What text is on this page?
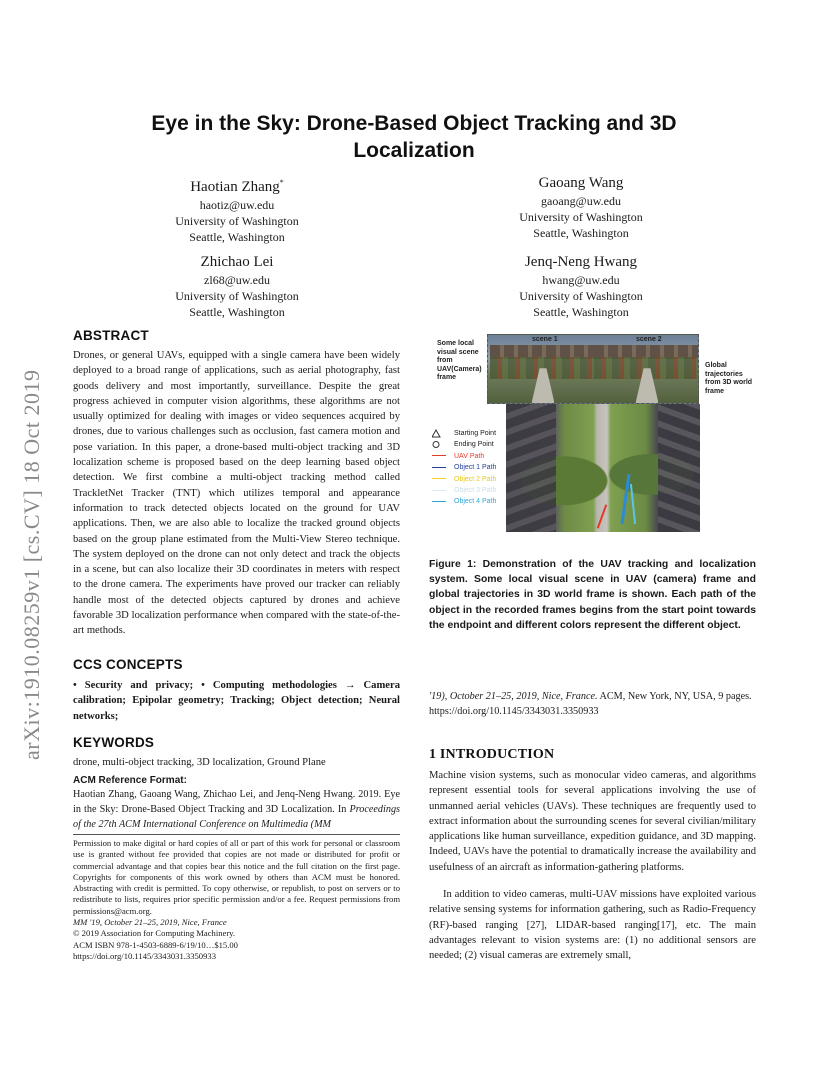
arXiv:1910.08259v1 [cs.CV] 18 Oct 2019
Eye in the Sky: Drone-Based Object Tracking and 3D Localization
Haotian Zhang*
haotiz@uw.edu
University of Washington
Seattle, Washington
Gaoang Wang
gaoang@uw.edu
University of Washington
Seattle, Washington
Zhichao Lei
zl68@uw.edu
University of Washington
Seattle, Washington
Jenq-Neng Hwang
hwang@uw.edu
University of Washington
Seattle, Washington
ABSTRACT
Drones, or general UAVs, equipped with a single camera have been widely deployed to a broad range of applications, such as aerial photography, fast goods delivery and most importantly, surveillance. Despite the great progress achieved in computer vision algorithms, these algorithms are not usually optimized for dealing with images or video sequences acquired by drones, due to various challenges such as occlusion, fast camera motion and pose variation. In this paper, a drone-based multi-object tracking and 3D localization scheme is proposed based on the deep learning based object detection. We first combine a multi-object tracking method called TrackletNet Tracker (TNT) which utilizes temporal and appearance information to track detected objects located on the ground for UAV applications. Then, we are also able to localize the tracked ground objects based on the group plane estimated from the Multi-View Stereo technique. The system deployed on the drone can not only detect and track the objects in a scene, but can also localize their 3D coordinates in meters with respect to the drone camera. The experiments have proved our tracker can reliably handle most of the detected objects captured by drones and achieve favorable 3D localization performance when compared with the state-of-the-art methods.
CCS CONCEPTS
• Security and privacy; • Computing methodologies → Camera calibration; Epipolar geometry; Tracking; Object detection; Neural networks;
KEYWORDS
drone, multi-object tracking, 3D localization, Ground Plane
ACM Reference Format:
Haotian Zhang, Gaoang Wang, Zhichao Lei, and Jenq-Neng Hwang. 2019. Eye in the Sky: Drone-Based Object Tracking and 3D Localization. In Proceedings of the 27th ACM International Conference on Multimedia (MM
Permission to make digital or hard copies of all or part of this work for personal or classroom use is granted without fee provided that copies are not made or distributed for profit or commercial advantage and that copies bear this notice and the full citation on the first page. Copyrights for components of this work owned by others than ACM must be honored. Abstracting with credit is permitted. To copy otherwise, or republish, to post on servers or to redistribute to lists, requires prior specific permission and/or a fee. Request permissions from permissions@acm.org.
MM '19, October 21–25, 2019, Nice, France
© 2019 Association for Computing Machinery.
ACM ISBN 978-1-4503-6889-6/19/10…$15.00
https://doi.org/10.1145/3343031.3350933
Some local visual scene from UAV(Camera) frame
scene 1	scene 2
Global trajectories from 3D world frame
Starting Point
Ending Point
UAV Path
Object 1 Path
Object 2 Path
Object 3 Path
Object 4 Path
Figure 1: Demonstration of the UAV tracking and localization system. Some local visual scene in UAV (camera) frame and global trajectories in 3D world frame is shown. Each path of the object in the recorded frames begins from the start point towards the endpoint and different colors represent the different object.
'19), October 21–25, 2019, Nice, France. ACM, New York, NY, USA, 9 pages.
https://doi.org/10.1145/3343031.3350933
1 INTRODUCTION
Machine vision systems, such as monocular video cameras, and algorithms represent essential tools for several applications involving the use of unmanned aerial vehicles (UAVs). These techniques are frequently used to extract information about the surrounding scenes for several civilian/military applications like human surveillance, expedition guidance, and 3D mapping. Indeed, UAVs have the potential to dramatically increase the availability and usefulness of an aircraft as information-gathering platforms.
In addition to video cameras, multi-UAV missions have exploited various relative sensing systems for information gathering, such as Radio-Frequency (RF)-based ranging [27], LIDAR-based ranging[17], etc. The main advantages relevant to vision systems are: (1) no additional sensors are needed; (2) visual cameras are extremely small,
